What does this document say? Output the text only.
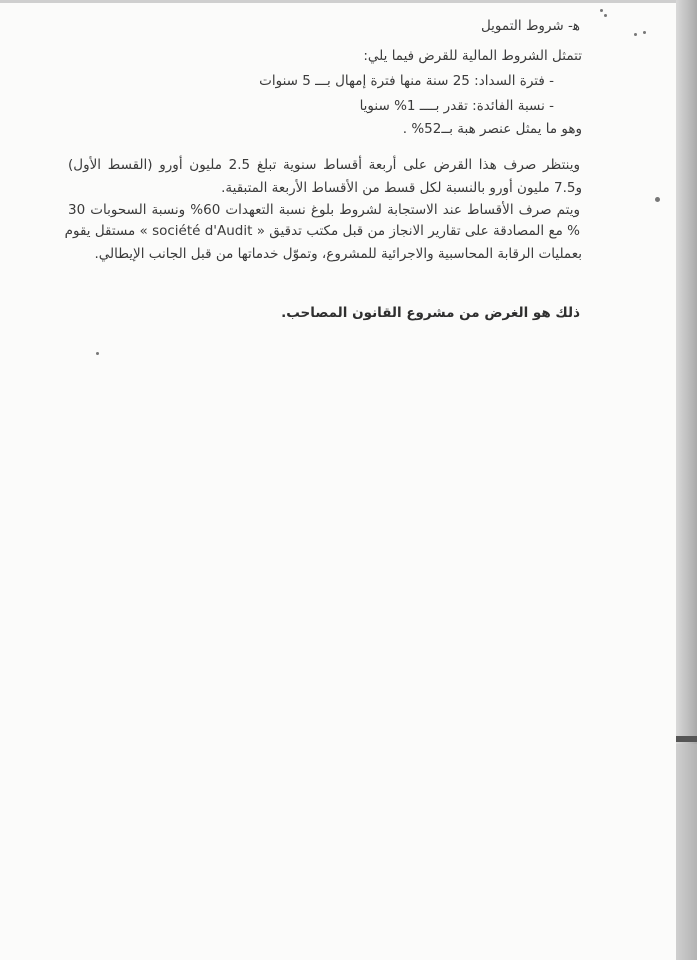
ﻫ- شروط التمويل
تتمثل الشروط المالية للقرض فيما يلي:
- فترة السداد: 25 سنة منها فترة إمهال بـــ 5 سنوات
- نسبة الفائدة: تقدر بــــ 1% سنويا
وهو ما يمثل عنصر هبة بــ52% .
وينتظر صرف هذا القرض على أربعة أقساط سنوية تبلغ 2.5 مليون أورو (القسط الأول)
و7.5 مليون أورو بالنسبة لكل قسط من الأقساط الأربعة المتبقية.
ويتم صرف الأقساط عند الاستجابة لشروط بلوغ نسبة التعهدات 60% ونسبة السحوبات 30
% مع المصادقة على تقارير الانجاز من قبل مكتب تدقيق « société d'Audit » مستقل يقوم
بعمليات الرقابة المحاسبية والاجرائية للمشروع، وتموّل خدماتها من قبل الجانب الإيطالي.
ذلك هو الغرض من مشروع القانون المصاحب.
